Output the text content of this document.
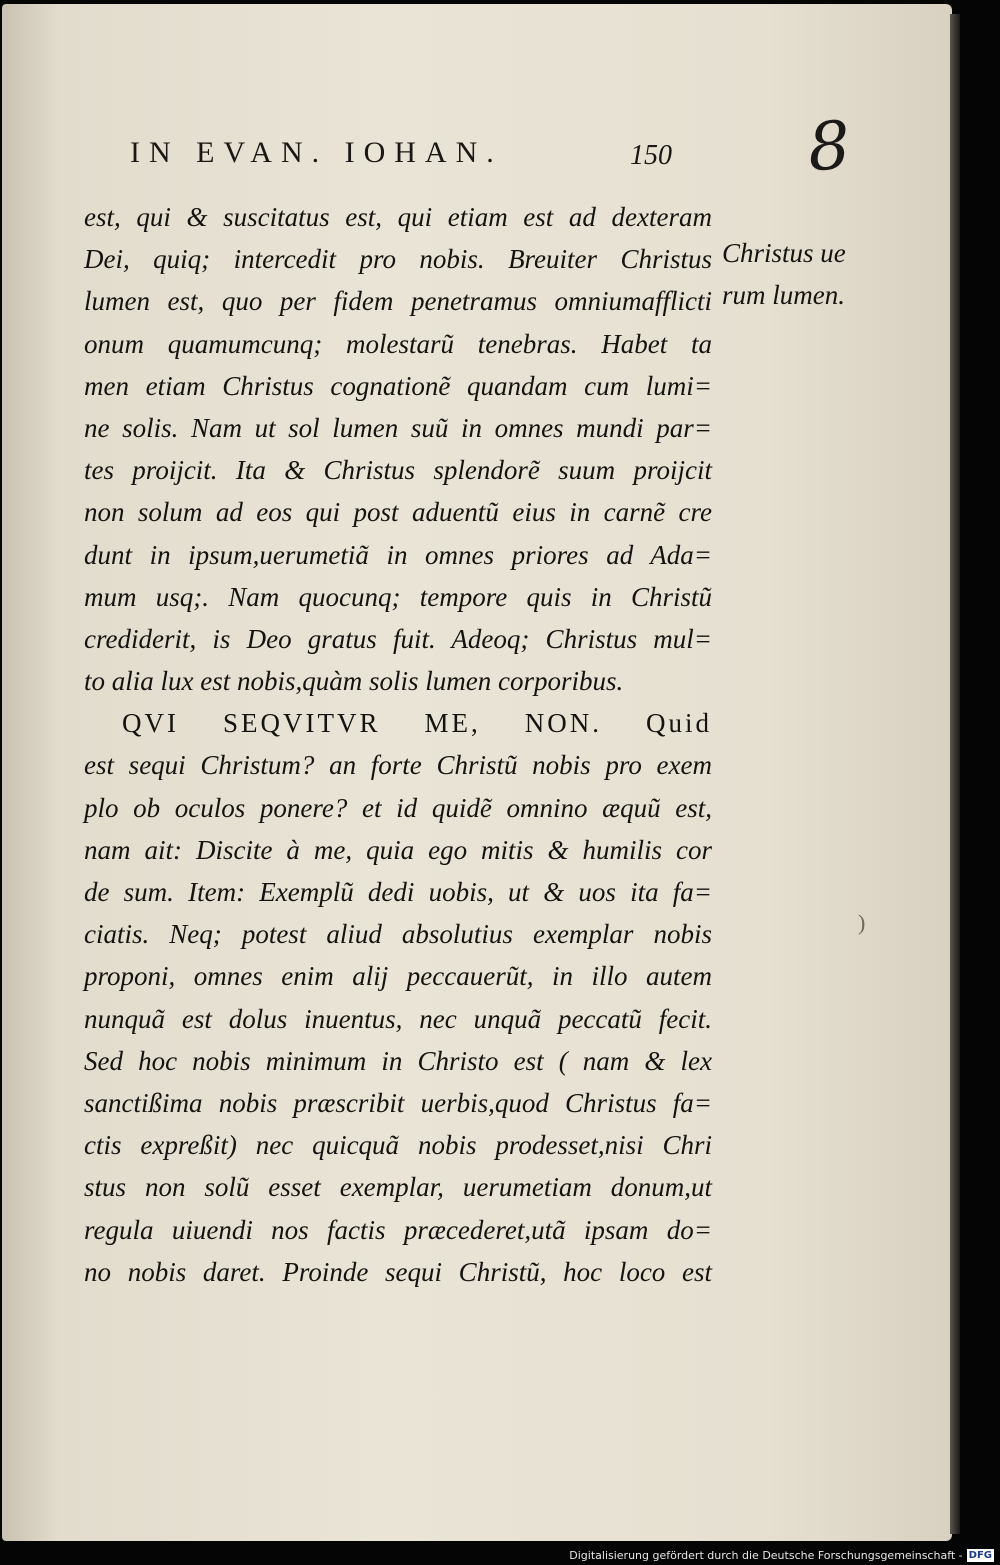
IN EVAN. IOHAN.	150 8
est, qui & suscitatus est, qui etiam est ad dexteram
Dei, quiq; intercedit pro nobis. Breuiter Christus
lumen est, quo per fidem penetramus omniumafflicti
onum quamumcunq; molestarũ tenebras. Habet ta
men etiam Christus cognationẽ quandam cum lumi=
ne solis. Nam ut sol lumen suũ in omnes mundi par=
tes proijcit. Ita & Christus splendorẽ suum proijcit
non solum ad eos qui post aduentũ eius in carnẽ cre
dunt in ipsum,uerumetiã in omnes priores ad Ada=
mum usq;. Nam quocunq; tempore quis in Christũ
crediderit, is Deo gratus fuit. Adeoq; Christus mul=
to alia lux est nobis,quàm solis lumen corporibus.
QVI SEQVITVR ME, NON. Quid
est sequi Christum? an forte Christũ nobis pro exem
plo ob oculos ponere? et id quidẽ omnino æquũ est,
nam ait: Discite à me, quia ego mitis & humilis cor
de sum. Item: Exemplũ dedi uobis, ut & uos ita fa=
ciatis. Neq; potest aliud absolutius exemplar nobis
proponi, omnes enim alij peccauerũt, in illo autem
nunquã est dolus inuentus, nec unquã peccatũ fecit.
Sed hoc nobis minimum in Christo est ( nam & lex
sanctißima nobis præscribit uerbis,quod Christus fa=
ctis expreßit) nec quicquã nobis prodesset,nisi Chri
stus non solũ esset exemplar, uerumetiam donum,ut
regula uiuendi nos factis præcederet,utã ipsam do=
no nobis daret. Proinde sequi Christũ, hoc loco est
Christus ue
rum lumen.
)
Digitalisierung gefördert durch die Deutsche Forschungsgemeinschaft - DFG
